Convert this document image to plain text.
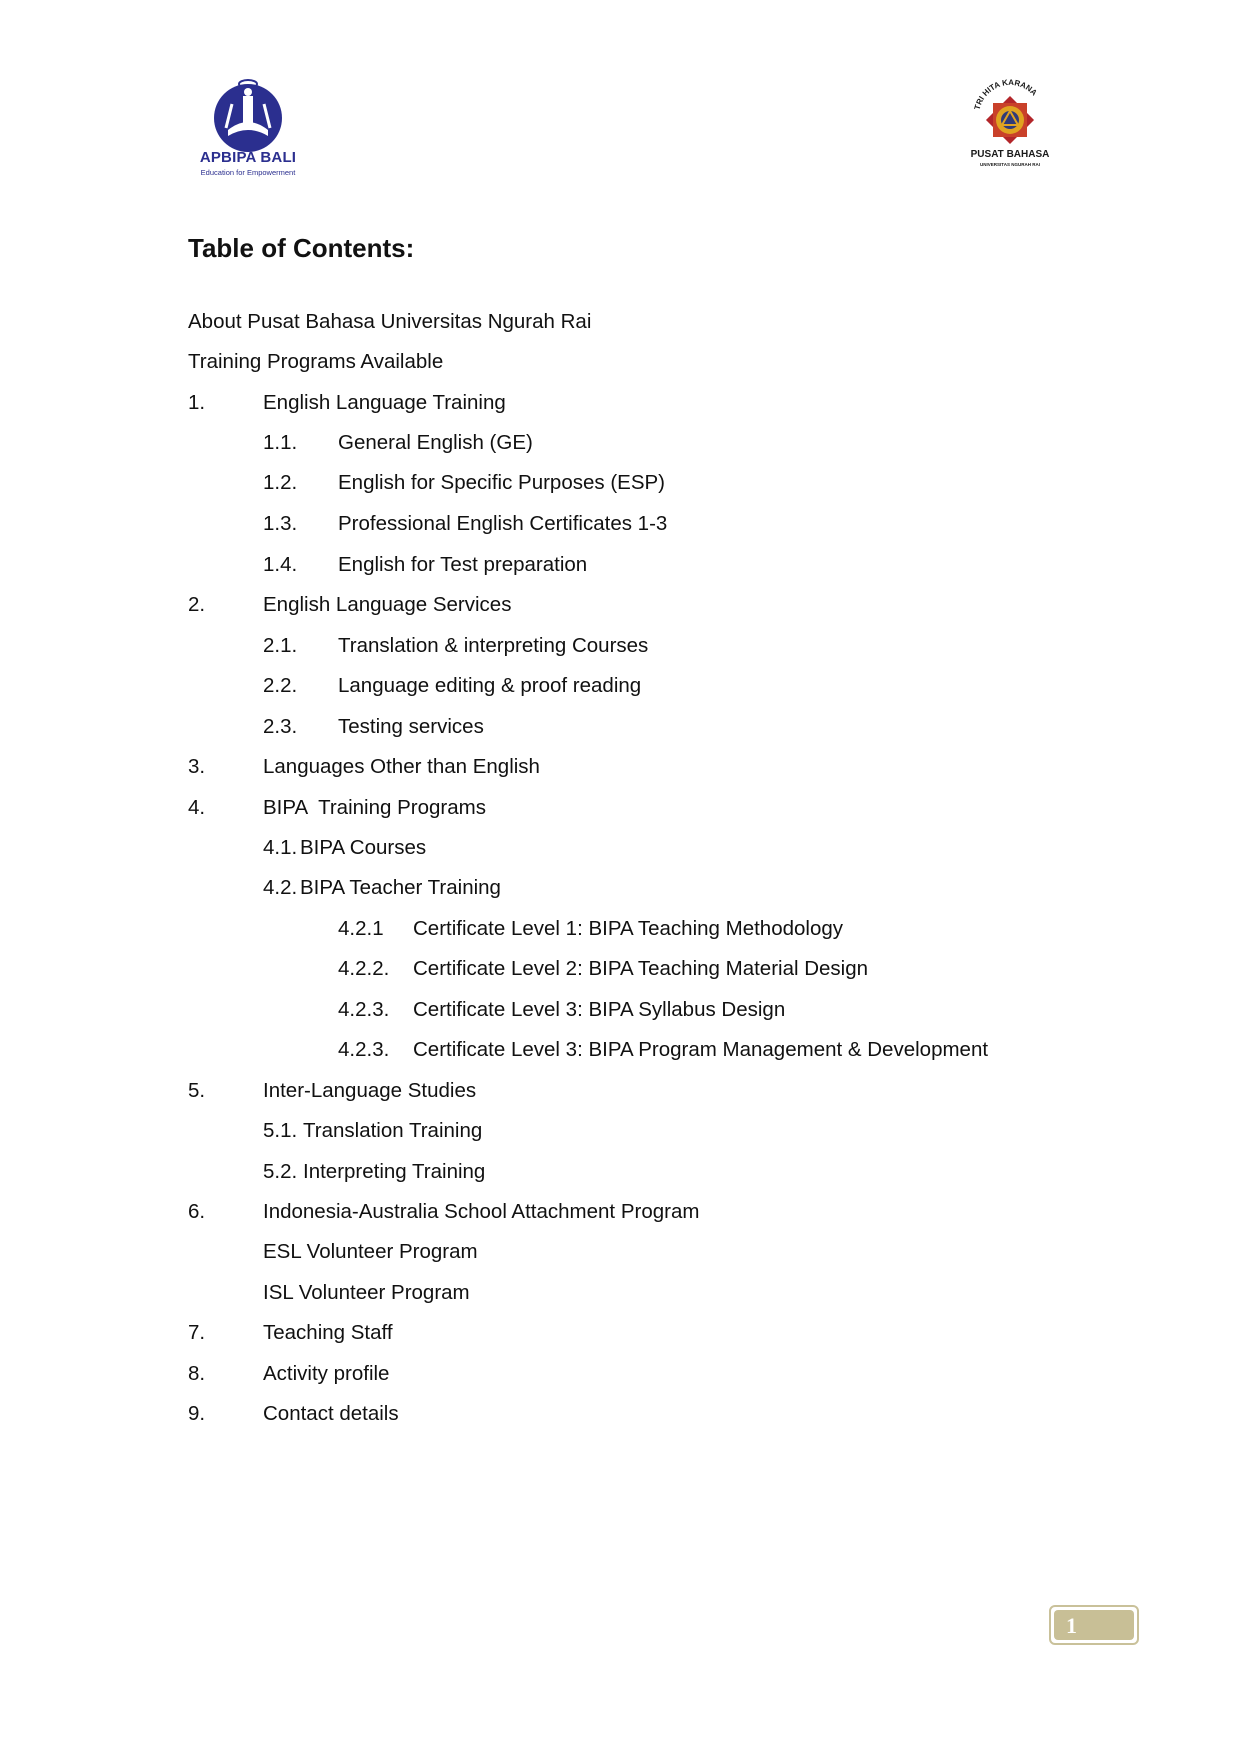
APBIPA BALI
Education for Empowerment
TRI HITA KARANA
PUSAT BAHASA
UNIVERSITAS NGURAH RAI
Table of Contents:
About Pusat Bahasa Universitas Ngurah Rai
Training Programs Available
1.	English Language Training
1.1. General English (GE)
1.2. English for Specific Purposes (ESP)
1.3. Professional English Certificates 1-3
1.4. English for Test preparation
2.	English Language Services
2.1. Translation & interpreting Courses
2.2. Language editing & proof reading
2.3. Testing services
3.	Languages Other than English
4.	BIPA  Training Programs
4.1. BIPA Courses
4.2. BIPA Teacher Training
4.2.1 Certificate Level 1: BIPA Teaching Methodology
4.2.2. Certificate Level 2: BIPA Teaching Material Design
4.2.3. Certificate Level 3: BIPA Syllabus Design
4.2.3. Certificate Level 3: BIPA Program Management & Development
5.	Inter-Language Studies
5.1. Translation Training
5.2. Interpreting Training
6.	Indonesia-Australia School Attachment Program
ESL Volunteer Program
ISL Volunteer Program
7.	Teaching Staff
8.	Activity profile
9.	Contact details
1
